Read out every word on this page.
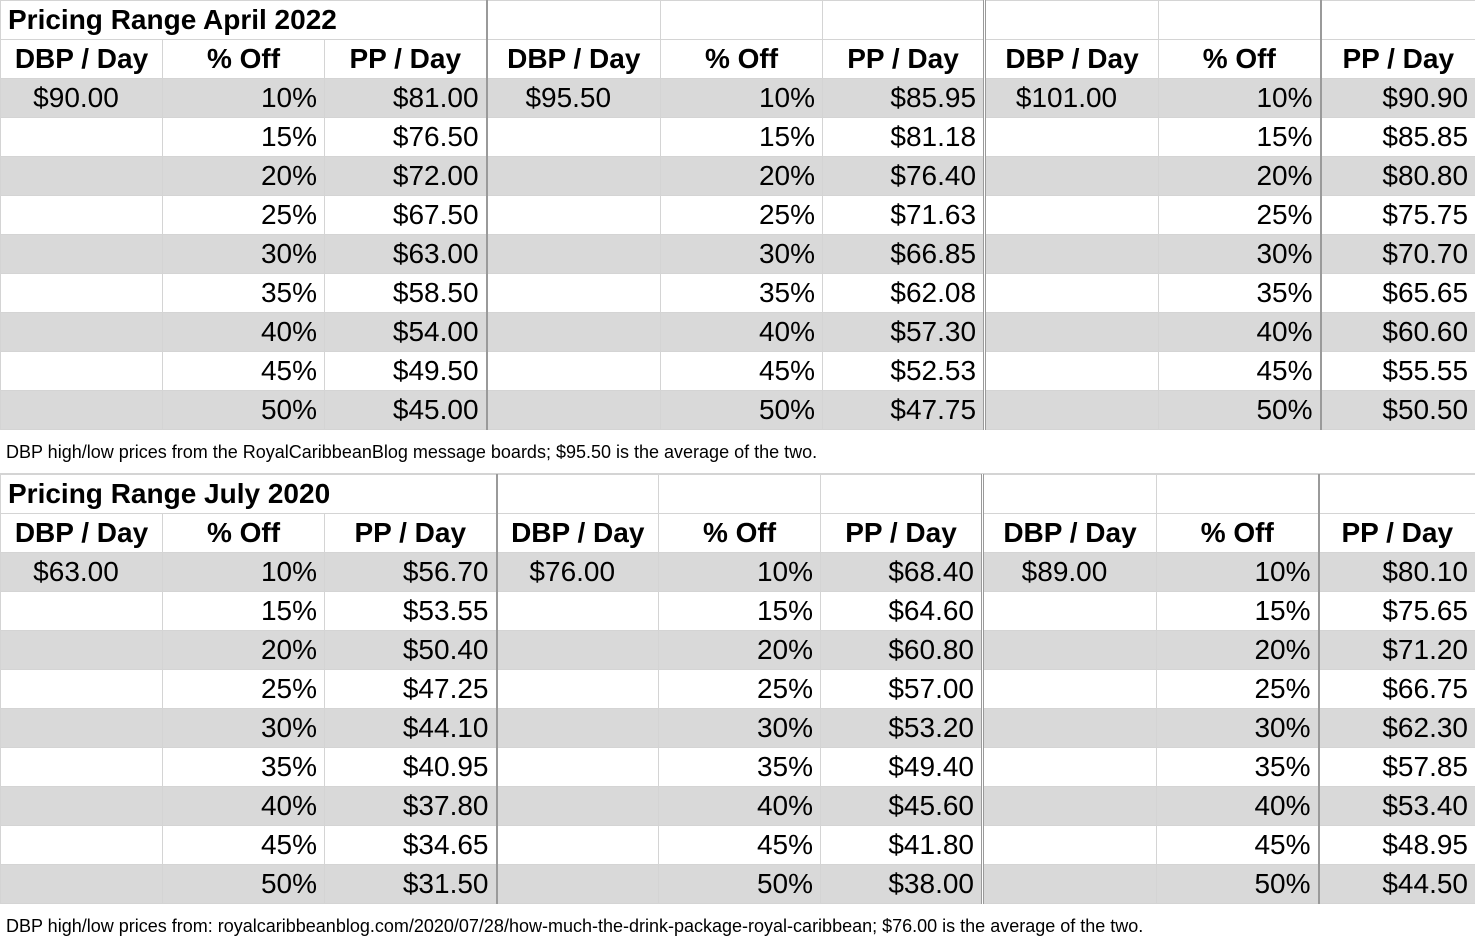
Pricing Range April 2022								
DBP / Day	% Off	PP / Day	DBP / Day	% Off	PP / Day	DBP / Day	% Off	PP / Day
$90.00	10%	$81.00	$95.50	10%	$85.95	$101.00	10%	$90.90
	15%	$76.50		15%	$81.18		15%	$85.85
	20%	$72.00		20%	$76.40		20%	$80.80
	25%	$67.50		25%	$71.63		25%	$75.75
	30%	$63.00		30%	$66.85		30%	$70.70
	35%	$58.50		35%	$62.08		35%	$65.65
	40%	$54.00		40%	$57.30		40%	$60.60
	45%	$49.50		45%	$52.53		45%	$55.55
	50%	$45.00		50%	$47.75		50%	$50.50
DBP high/low prices from the RoyalCaribbeanBlog message boards; $95.50 is the average of the two.
Pricing Range July 2020								
DBP / Day	% Off	PP / Day	DBP / Day	% Off	PP / Day	DBP / Day	% Off	PP / Day
$63.00	10%	$56.70	$76.00	10%	$68.40	$89.00	10%	$80.10
	15%	$53.55		15%	$64.60		15%	$75.65
	20%	$50.40		20%	$60.80		20%	$71.20
	25%	$47.25		25%	$57.00		25%	$66.75
	30%	$44.10		30%	$53.20		30%	$62.30
	35%	$40.95		35%	$49.40		35%	$57.85
	40%	$37.80		40%	$45.60		40%	$53.40
	45%	$34.65		45%	$41.80		45%	$48.95
	50%	$31.50		50%	$38.00		50%	$44.50
DBP high/low prices from: royalcaribbeanblog.com/2020/07/28/how-much-the-drink-package-royal-caribbean; $76.00 is the average of the two.
